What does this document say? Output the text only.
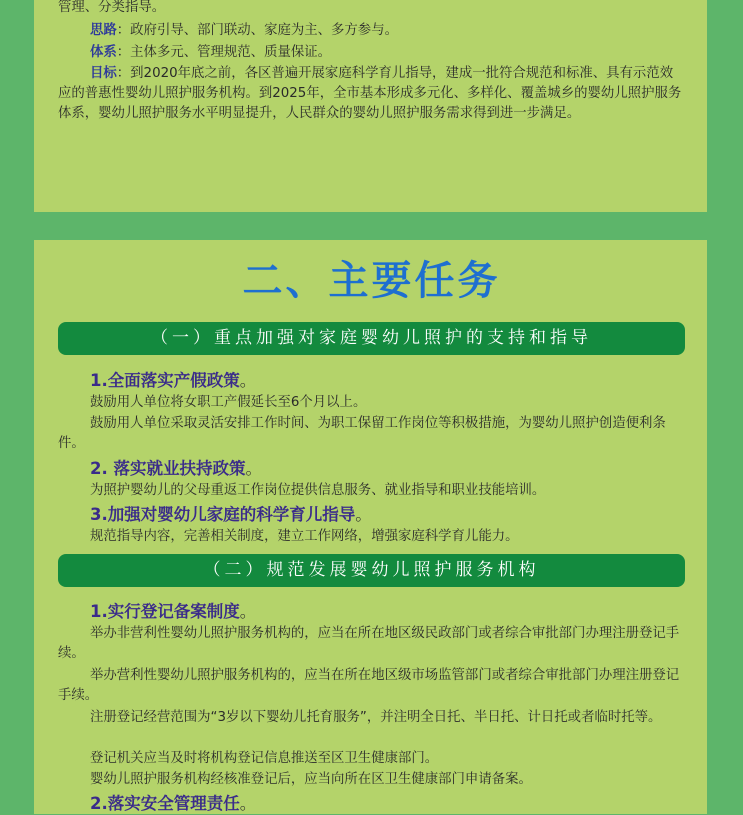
管理、分类指导。

思路：政府引导、部门联动、家庭为主、多方参与。

体系：主体多元、管理规范、质量保证。

目标：到2020年底之前，各区普遍开展家庭科学育儿指导，建成一批符合规范和标准、具有示范效应的普惠性婴幼儿照护服务机构。到2025年，全市基本形成多元化、多样化、覆盖城乡的婴幼儿照护服务体系，婴幼儿照护服务水平明显提升，人民群众的婴幼儿照护服务需求得到进一步满足。

二、主要任务
（一）重点加强对家庭婴幼儿照护的支持和指导
1.全面落实产假政策。

鼓励用人单位将女职工产假延长至6个月以上。

鼓励用人单位采取灵活安排工作时间、为职工保留工作岗位等积极措施，为婴幼儿照护创造便利条件。

2. 落实就业扶持政策。

为照护婴幼儿的父母重返工作岗位提供信息服务、就业指导和职业技能培训。

3.加强对婴幼儿家庭的科学育儿指导。

规范指导内容，完善相关制度，建立工作网络，增强家庭科学育儿能力。

（二）规范发展婴幼儿照护服务机构
1.实行登记备案制度。

举办非营利性婴幼儿照护服务机构的，应当在所在地区级民政部门或者综合审批部门办理注册登记手续。

举办营利性婴幼儿照护服务机构的，应当在所在地区级市场监管部门或者综合审批部门办理注册登记手续。

注册登记经营范围为“3岁以下婴幼儿托育服务”，并注明全日托、半日托、计日托或者临时托等。

登记机关应当及时将机构登记信息推送至区卫生健康部门。

婴幼儿照护服务机构经核准登记后，应当向所在区卫生健康部门申请备案。

2.落实安全管理责任。
